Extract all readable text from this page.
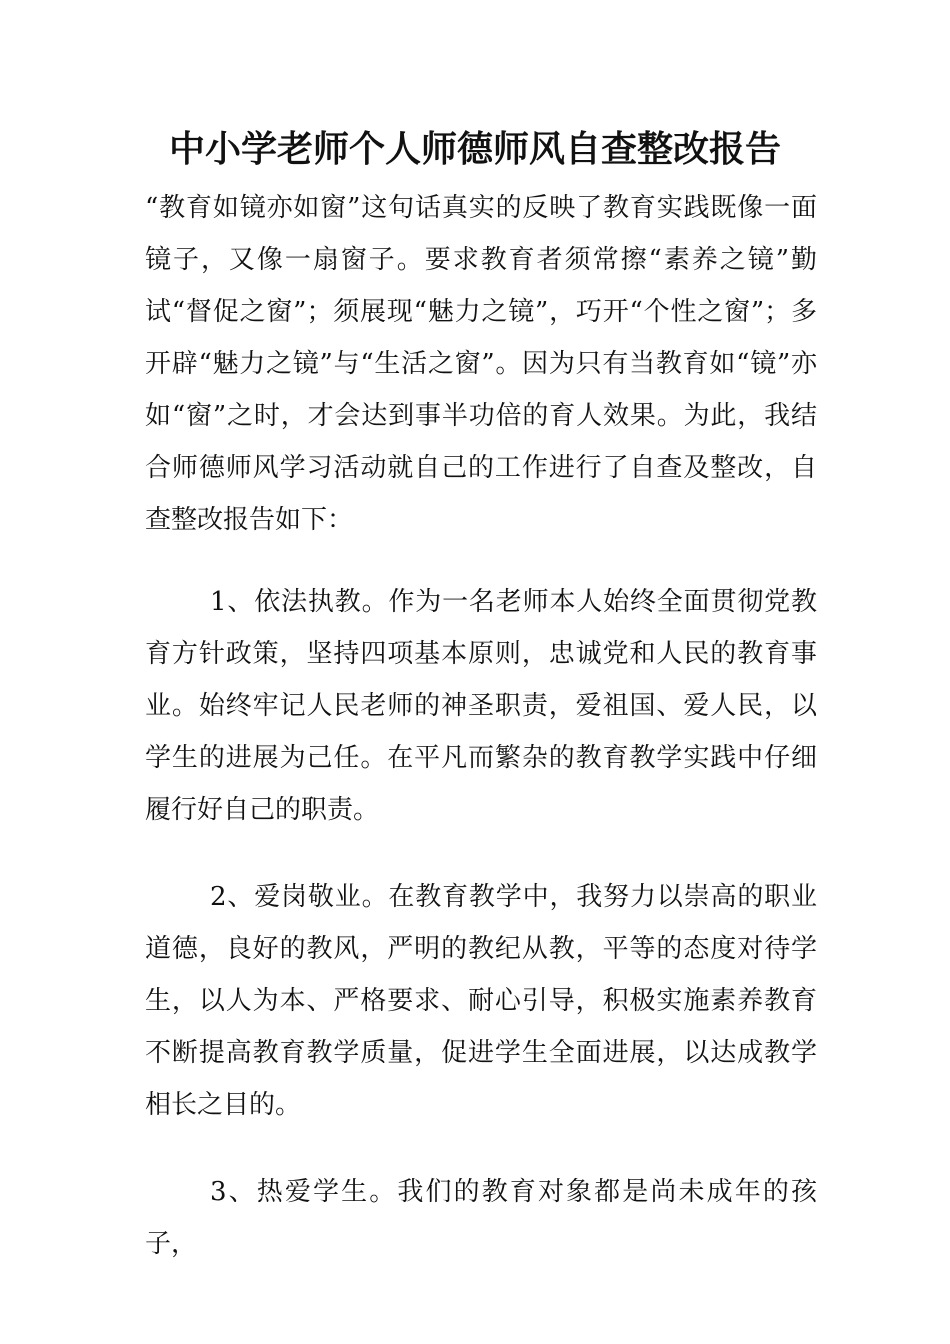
中小学老师个人师德师风自查整改报告

“教育如镜亦如窗”这句话真实的反映了教育实践既像一面镜子，又像一扇窗子。要求教育者须常擦“素养之镜”勤试“督促之窗”；须展现“魅力之镜”，巧开“个性之窗”；多开辟“魅力之镜”与“生活之窗”。因为只有当教育如“镜”亦如“窗”之时，才会达到事半功倍的育人效果。为此，我结合师德师风学习活动就自己的工作进行了自查及整改，自查整改报告如下：

1、依法执教。作为一名老师本人始终全面贯彻党教育方针政策，坚持四项基本原则，忠诚党和人民的教育事业。始终牢记人民老师的神圣职责，爱祖国、爱人民，以学生的进展为己任。在平凡而繁杂的教育教学实践中仔细履行好自己的职责。

2、爱岗敬业。在教育教学中，我努力以崇高的职业道德，良好的教风，严明的教纪从教，平等的态度对待学生，以人为本、严格要求、耐心引导，积极实施素养教育不断提高教育教学质量，促进学生全面进展，以达成教学相长之目的。

3、热爱学生。我们的教育对象都是尚未成年的孩子，
